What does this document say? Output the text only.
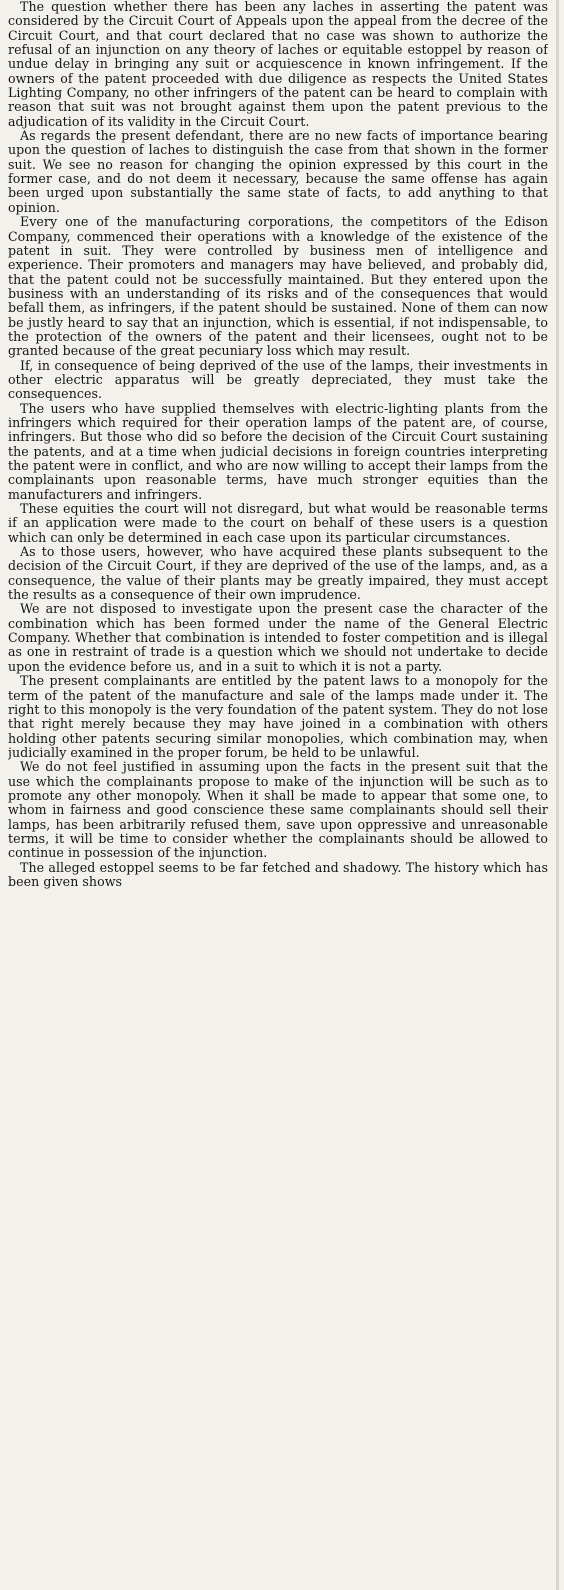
The question whether there has been any laches in asserting the patent was considered by the Circuit Court of Appeals upon the appeal from the decree of the Circuit Court, and that court declared that no case was shown to authorize the refusal of an injunction on any theory of laches or equitable estoppel by reason of undue delay in bringing any suit or acquiescence in known infringement. If the owners of the patent proceeded with due diligence as respects the United States Lighting Company, no other infringers of the patent can be heard to complain with reason that suit was not brought against them upon the patent previous to the adjudication of its validity in the Circuit Court.

As regards the present defendant, there are no new facts of importance bearing upon the question of laches to distinguish the case from that shown in the former suit. We see no reason for changing the opinion expressed by this court in the former case, and do not deem it necessary, because the same offense has again been urged upon substantially the same state of facts, to add anything to that opinion.

Every one of the manufacturing corporations, the competitors of the Edison Company, commenced their operations with a knowledge of the existence of the patent in suit. They were controlled by business men of intelligence and experience. Their promoters and managers may have believed, and probably did, that the patent could not be successfully maintained. But they entered upon the business with an understanding of its risks and of the consequences that would befall them, as infringers, if the patent should be sustained. None of them can now be justly heard to say that an injunction, which is essential, if not indispensable, to the protection of the owners of the patent and their licensees, ought not to be granted because of the great pecuniary loss which may result.

If, in consequence of being deprived of the use of the lamps, their investments in other electric apparatus will be greatly depreciated, they must take the consequences.

The users who have supplied themselves with electric-lighting plants from the infringers which required for their operation lamps of the patent are, of course, infringers. But those who did so before the decision of the Circuit Court sustaining the patents, and at a time when judicial decisions in foreign countries interpreting the patent were in conflict, and who are now willing to accept their lamps from the complainants upon reasonable terms, have much stronger equities than the manufacturers and infringers.

These equities the court will not disregard, but what would be reasonable terms if an application were made to the court on behalf of these users is a question which can only be determined in each case upon its particular circumstances.

As to those users, however, who have acquired these plants subsequent to the decision of the Circuit Court, if they are deprived of the use of the lamps, and, as a consequence, the value of their plants may be greatly impaired, they must accept the results as a consequence of their own imprudence.

We are not disposed to investigate upon the present case the character of the combination which has been formed under the name of the General Electric Company. Whether that combination is intended to foster competition and is illegal as one in restraint of trade is a question which we should not undertake to decide upon the evidence before us, and in a suit to which it is not a party.

The present complainants are entitled by the patent laws to a monopoly for the term of the patent of the manufacture and sale of the lamps made under it. The right to this monopoly is the very foundation of the patent system. They do not lose that right merely because they may have joined in a combination with others holding other patents securing similar monopolies, which combination may, when judicially examined in the proper forum, be held to be unlawful.

We do not feel justified in assuming upon the facts in the present suit that the use which the complainants propose to make of the injunction will be such as to promote any other monopoly. When it shall be made to appear that some one, to whom in fairness and good conscience these same complainants should sell their lamps, has been arbitrarily refused them, save upon oppressive and unreasonable terms, it will be time to consider whether the complainants should be allowed to continue in possession of the injunction.

The alleged estoppel seems to be far fetched and shadowy. The history which has been given shows
